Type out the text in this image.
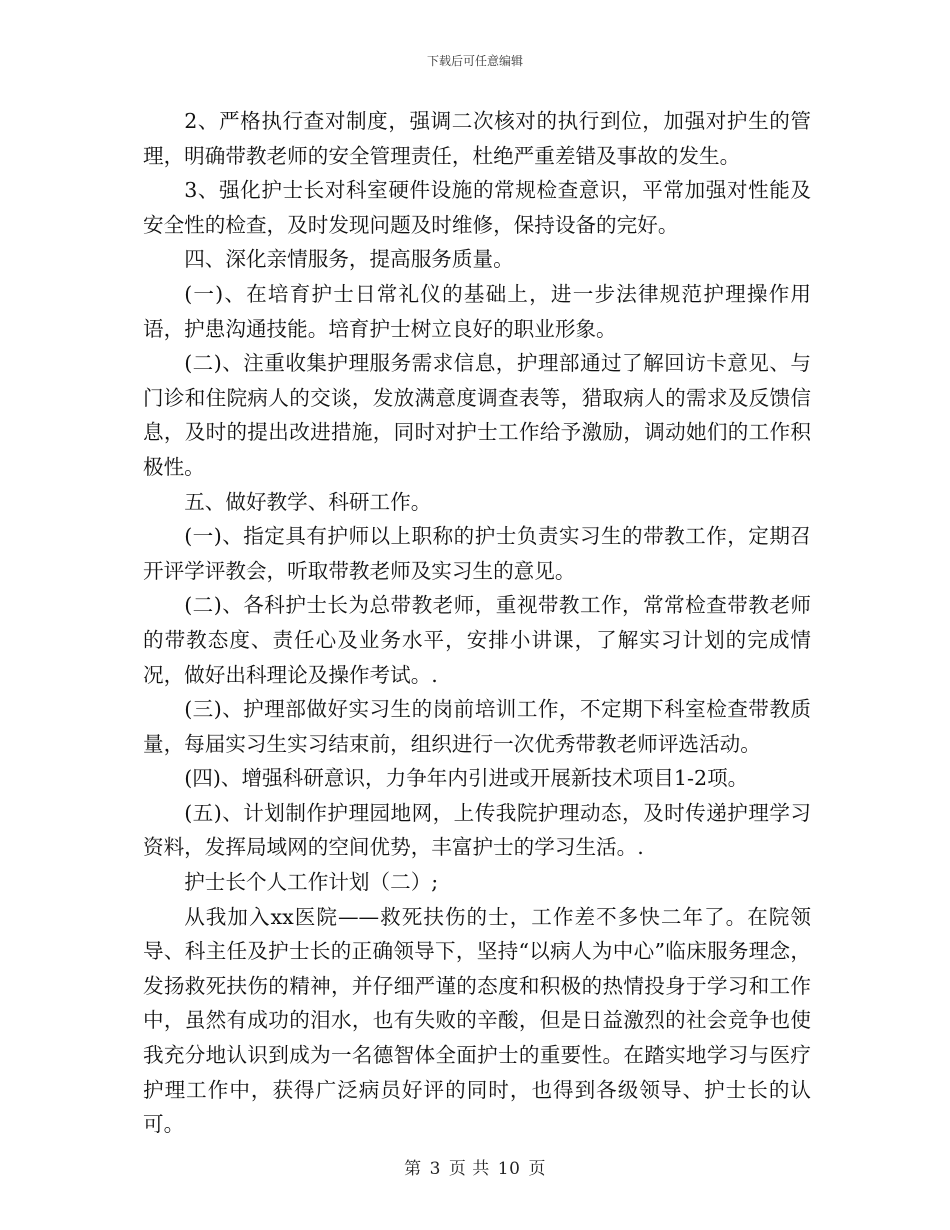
下载后可任意编辑

2、严格执行查对制度，强调二次核对的执行到位，加强对护生的管理，明确带教老师的安全管理责任，杜绝严重差错及事故的发生。

3、强化护士长对科室硬件设施的常规检查意识，平常加强对性能及安全性的检查，及时发现问题及时维修，保持设备的完好。

四、深化亲情服务，提高服务质量。

(一)、在培育护士日常礼仪的基础上，进一步法律规范护理操作用语，护患沟通技能。培育护士树立良好的职业形象。

(二)、注重收集护理服务需求信息，护理部通过了解回访卡意见、与门诊和住院病人的交谈，发放满意度调查表等，猎取病人的需求及反馈信息，及时的提出改进措施，同时对护士工作给予激励，调动她们的工作积极性。

五、做好教学、科研工作。

(一)、指定具有护师以上职称的护士负责实习生的带教工作，定期召开评学评教会，听取带教老师及实习生的意见。

(二)、各科护士长为总带教老师，重视带教工作，常常检查带教老师的带教态度、责任心及业务水平，安排小讲课，了解实习计划的完成情况，做好出科理论及操作考试。.

(三)、护理部做好实习生的岗前培训工作，不定期下科室检查带教质量，每届实习生实习结束前，组织进行一次优秀带教老师评选活动。

(四)、增强科研意识，力争年内引进或开展新技术项目1-2项。

(五)、计划制作护理园地网，上传我院护理动态，及时传递护理学习资料，发挥局域网的空间优势，丰富护士的学习生活。.

护士长个人工作计划（二）;

从我加入xx医院——救死扶伤的士，工作差不多快二年了。在院领导、科主任及护士长的正确领导下，坚持“以病人为中心”临床服务理念，发扬救死扶伤的精神，并仔细严谨的态度和积极的热情投身于学习和工作中，虽然有成功的泪水，也有失败的辛酸，但是日益激烈的社会竞争也使我充分地认识到成为一名德智体全面护士的重要性。在踏实地学习与医疗护理工作中，获得广泛病员好评的同时，也得到各级领导、护士长的认可。

第 3 页 共 10 页
